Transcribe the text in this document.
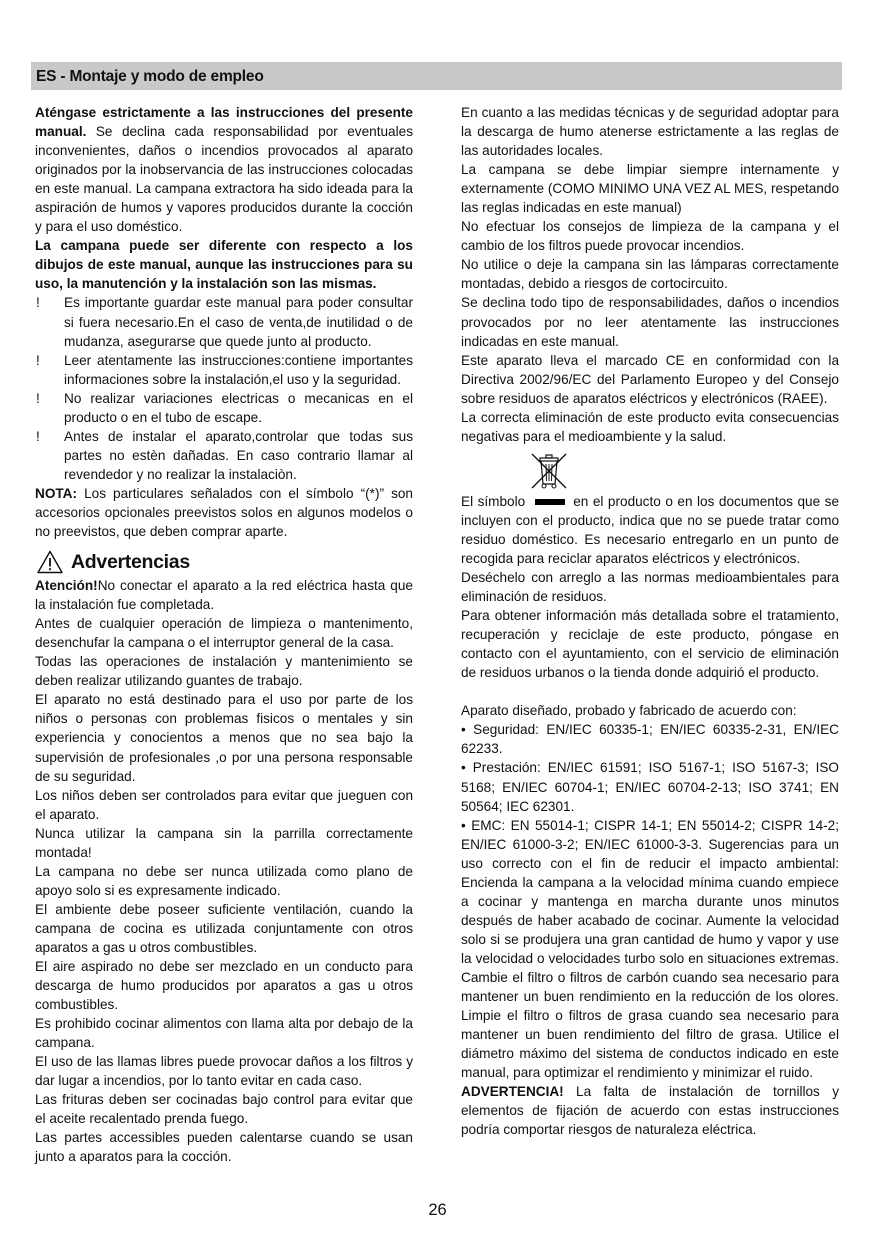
ES - Montaje y modo de empleo

Aténgase estrictamente a las instrucciones del presente manual. Se declina cada responsabilidad por eventuales inconvenientes, daños o incendios provocados al aparato originados por la inobservancia de las instrucciones colocadas en este manual. La campana extractora ha sido ideada para la aspiración de humos y vapores producidos durante la cocción y para el uso doméstico.

La campana puede ser diferente con respecto a los dibujos de este manual, aunque las instrucciones para su uso, la manutención y la instalación son las mismas.

!	Es importante guardar este manual para poder consultar si fuera necesario.En el caso de venta,de inutilidad o de mudanza, asegurarse que quede junto al producto.
!	Leer atentamente las instrucciones:contiene importantes informaciones sobre la instalación,el uso y la seguridad.
!	No realizar variaciones electricas o mecanicas en el producto o en el tubo de escape.
!	Antes de instalar el aparato,controlar que todas sus partes no estèn dañadas. En caso contrario llamar al revendedor y no realizar la instalaciòn.

NOTA: Los particulares señalados con el símbolo “(*)” son accesorios opcionales preevistos solos en algunos modelos o no preevistos, que deben comprar aparte.

Advertencias

Atención!No conectar el aparato a la red eléctrica hasta que la instalación fue completada.

Antes de cualquier operación de limpieza o mantenimento, desenchufar la campana o el interruptor general de la casa.

Todas las operaciones de instalación y mantenimiento se deben realizar utilizando guantes de trabajo.

El aparato no está destinado para el uso por parte de los niños o personas con problemas fisicos o mentales y sin experiencia y conocientos a menos que no sea bajo la supervisión de profesionales ,o por una persona responsable de su seguridad.

Los niños deben ser controlados para evitar que jueguen con el aparato.

Nunca utilizar la campana sin la parrilla correctamente montada!

La campana no debe ser nunca utilizada como plano de apoyo solo si es expresamente indicado.

El ambiente debe poseer suficiente ventilación, cuando la campana de cocina es utilizada conjuntamente con otros aparatos a gas u otros combustibles.

El aire aspirado no debe ser mezclado en un conducto para descarga de humo producidos por aparatos a gas u otros combustibles.

Es prohibido cocinar alimentos con llama alta por debajo de la campana.

El uso de las llamas libres puede provocar daños a los filtros y dar lugar a incendios, por lo tanto evitar en cada caso.

Las frituras deben ser cocinadas bajo control para evitar que el aceite recalentado prenda fuego.

Las partes accessibles pueden calentarse cuando se usan junto a aparatos para la cocción.

En cuanto a las medidas técnicas y de seguridad adoptar para la descarga de humo atenerse estrictamente a las reglas de las autoridades locales.

La campana se debe limpiar siempre internamente y externamente (COMO MINIMO UNA VEZ AL MES, respetando las reglas indicadas en este manual)

No efectuar los consejos de limpieza de la campana y el cambio de los filtros puede provocar incendios.

No utilice o deje la campana sin las lámparas correctamente montadas, debido a riesgos de cortocircuito.

Se declina todo tipo de responsabilidades, daños o incendios provocados por no leer atentamente las instrucciones indicadas en este manual.

Este aparato lleva el marcado CE en conformidad con la Directiva 2002/96/EC del Parlamento Europeo y del Consejo sobre residuos de aparatos eléctricos y electrónicos (RAEE).

La correcta eliminación de este producto evita consecuencias negativas para el medioambiente y la salud.

El símbolo	en el producto o en los documentos que se incluyen con el producto, indica que no se puede tratar como residuo doméstico. Es necesario entregarlo en un punto de recogida para reciclar aparatos eléctricos y electrónicos.

Deséchelo con arreglo a las normas medioambientales para eliminación de residuos.

Para obtener información más detallada sobre el tratamiento, recuperación y reciclaje de este producto, póngase en contacto con el ayuntamiento, con el servicio de eliminación de residuos urbanos o la tienda donde adquirió el producto.

Aparato diseñado, probado y fabricado de acuerdo con:

• Seguridad: EN/IEC 60335-1; EN/IEC 60335-2-31, EN/IEC 62233.

• Prestación: EN/IEC 61591; ISO 5167-1; ISO 5167-3; ISO 5168; EN/IEC 60704-1; EN/IEC 60704-2-13; ISO 3741; EN 50564; IEC 62301.

• EMC: EN 55014-1; CISPR 14-1; EN 55014-2; CISPR 14-2; EN/IEC 61000-3-2; EN/IEC 61000-3-3. Sugerencias para un uso correcto con el fin de reducir el impacto ambiental: Encienda la campana a la velocidad mínima cuando empiece a cocinar y mantenga en marcha durante unos minutos después de haber acabado de cocinar. Aumente la velocidad solo si se produjera una gran cantidad de humo y vapor y use la velocidad o velocidades turbo solo en situaciones extremas. Cambie el filtro o filtros de carbón cuando sea necesario para mantener un buen rendimiento en la reducción de los olores. Limpie el filtro o filtros de grasa cuando sea necesario para mantener un buen rendimiento del filtro de grasa. Utilice el diámetro máximo del sistema de conductos indicado en este manual, para optimizar el rendimiento y minimizar el ruido.

ADVERTENCIA! La falta de instalación de tornillos y elementos de fijación de acuerdo con estas instrucciones podría comportar riesgos de naturaleza eléctrica.

26
